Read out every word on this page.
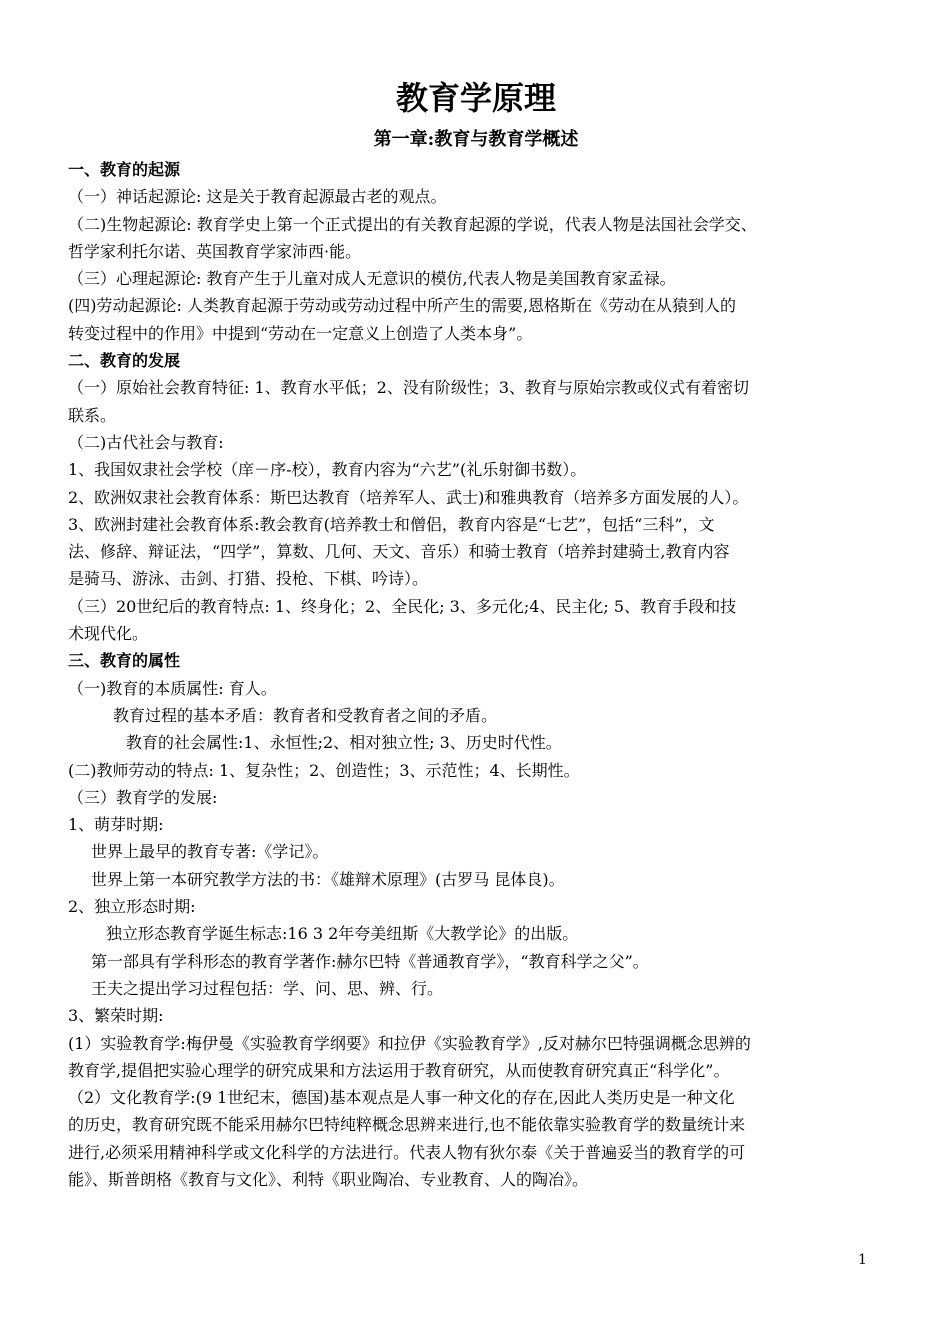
教育学原理
第一章:教育与教育学概述

一、教育的起源

（一）神话起源论: 这是关于教育起源最古老的观点。

（二)生物起源论: 教育学史上第一个正式提出的有关教育起源的学说，代表人物是法国社会学交、

哲学家利托尔诺、英国教育学家沛西·能。

（三）心理起源论: 教育产生于儿童对成人无意识的模仿,代表人物是美国教育家孟禄。

(四)劳动起源论: 人类教育起源于劳动或劳动过程中所产生的需要,恩格斯在《劳动在从猿到人的

转变过程中的作用》中提到“劳动在一定意义上创造了人类本身”。

二、教育的发展

（一）原始社会教育特征: 1、教育水平低；2、没有阶级性；3、教育与原始宗教或仪式有着密切

联系。

（二)古代社会与教育:

1、我国奴隶社会学校（庠－序-校），教育内容为“六艺”(礼乐射御书数）。

2、欧洲奴隶社会教育体系：斯巴达教育（培养军人、武士)和雅典教育（培养多方面发展的人）。

3、欧洲封建社会教育体系:教会教育(培养教士和僧侣，教育内容是“七艺”，包括“三科”，文

法、修辞、辩证法，“四学”，算数、几何、天文、音乐）和骑士教育（培养封建骑士,教育内容

是骑马、游泳、击剑、打猎、投枪、下棋、吟诗）。

（三）20世纪后的教育特点: 1、终身化；2、全民化; 3、多元化;4、民主化; 5、教育手段和技

术现代化。

三、教育的属性

（一)教育的本质属性: 育人。

教育过程的基本矛盾：教育者和受教育者之间的矛盾。

教育的社会属性:1、永恒性;2、相对独立性; 3、历史时代性。

(二)教师劳动的特点: 1、复杂性；2、创造性；3、示范性；4、长期性。

（三）教育学的发展:

1、萌芽时期:

世界上最早的教育专著:《学记》。

世界上第一本研究教学方法的书：《雄辩术原理》(古罗马 昆体良)。

2、独立形态时期:

独立形态教育学诞生标志:16 3 2年夸美纽斯《大教学论》的出版。

第一部具有学科形态的教育学著作:赫尔巴特《普通教育学》，“教育科学之父”。

王夫之提出学习过程包括：学、问、思、辨、行。

3、繁荣时期:

(1）实验教育学:梅伊曼《实验教育学纲要》和拉伊《实验教育学》,反对赫尔巴特强调概念思辨的

教育学,提倡把实验心理学的研究成果和方法运用于教育研究，从而使教育研究真正“科学化”。

（2）文化教育学:(9 1世纪末，德国)基本观点是人事一种文化的存在,因此人类历史是一种文化

的历史，教育研究既不能采用赫尔巴特纯粹概念思辨来进行,也不能依靠实验教育学的数量统计来

进行,必须采用精神科学或文化科学的方法进行。代表人物有狄尔泰《关于普遍妥当的教育学的可

能》、斯普朗格《教育与文化》、利特《职业陶冶、专业教育、人的陶冶》。

1
